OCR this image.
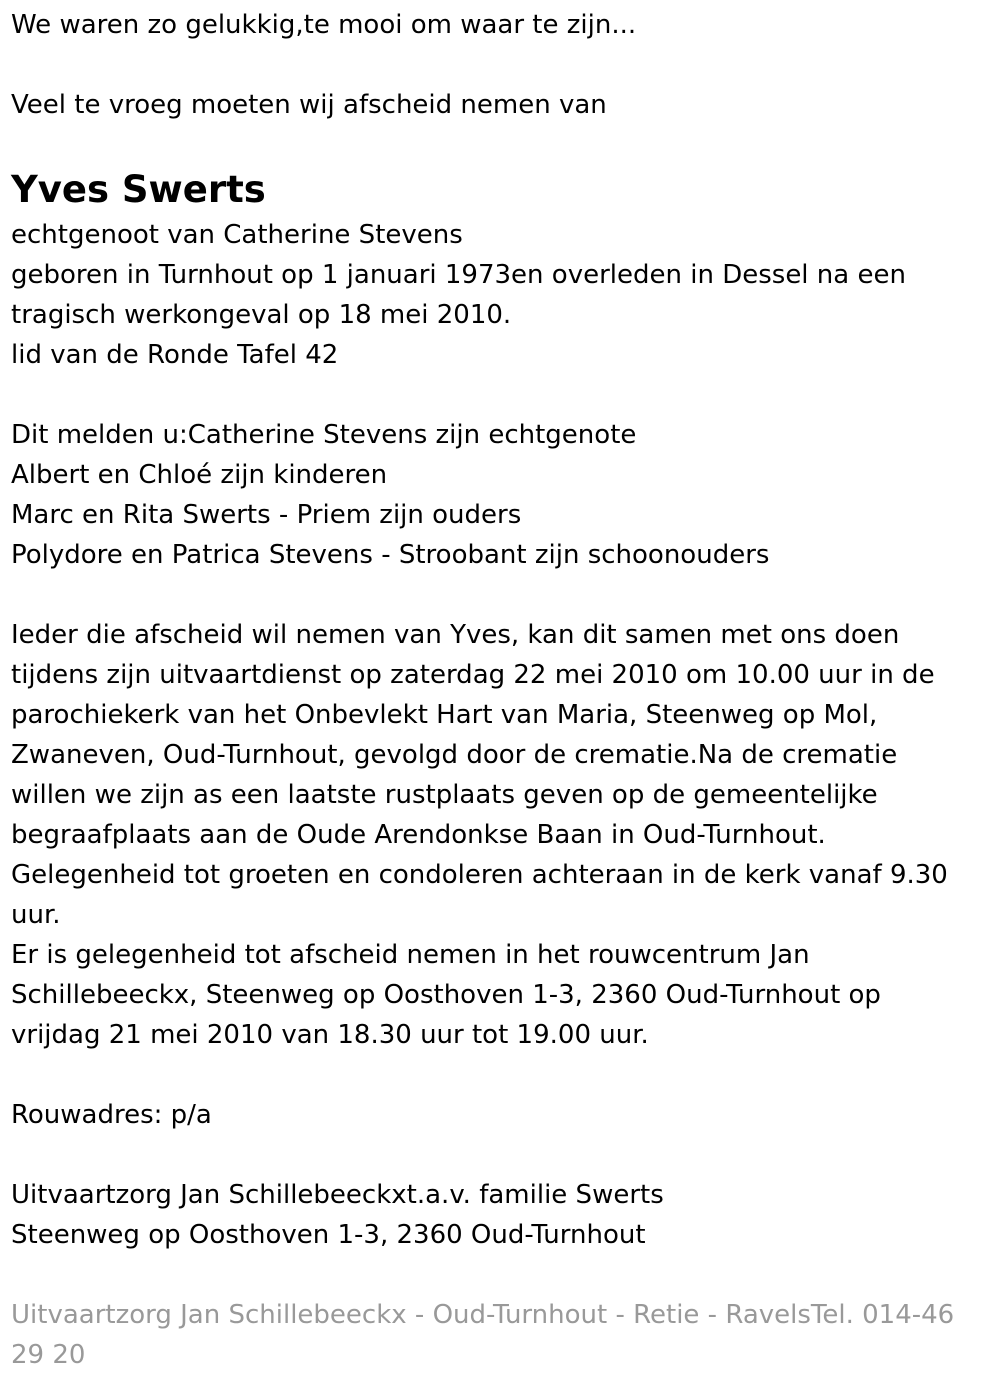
We waren zo gelukkig,te mooi om waar te zijn...
Veel te vroeg moeten wij afscheid nemen van
Yves Swerts
echtgenoot van Catherine Stevens
geboren in Turnhout op 1 januari 1973en overleden in Dessel na een
tragisch werkongeval op 18 mei 2010.
lid van de Ronde Tafel 42
Dit melden u:Catherine Stevens zijn echtgenote
Albert en Chloé zijn kinderen
Marc en Rita Swerts - Priem zijn ouders
Polydore en Patrica Stevens - Stroobant zijn schoonouders
Ieder die afscheid wil nemen van Yves, kan dit samen met ons doen
tijdens zijn uitvaartdienst op zaterdag 22 mei 2010 om 10.00 uur in de
parochiekerk van het Onbevlekt Hart van Maria, Steenweg op Mol,
Zwaneven, Oud-Turnhout, gevolgd door de crematie.Na de crematie
willen we zijn as een laatste rustplaats geven op de gemeentelijke
begraafplaats aan de Oude Arendonkse Baan in Oud-Turnhout.
Gelegenheid tot groeten en condoleren achteraan in de kerk vanaf 9.30
uur.
Er is gelegenheid tot afscheid nemen in het rouwcentrum Jan
Schillebeeckx, Steenweg op Oosthoven 1-3, 2360 Oud-Turnhout op
vrijdag 21 mei 2010 van 18.30 uur tot 19.00 uur.
Rouwadres: p/a
Uitvaartzorg Jan Schillebeeckxt.a.v. familie Swerts
Steenweg op Oosthoven 1-3, 2360 Oud-Turnhout
Uitvaartzorg Jan Schillebeeckx - Oud-Turnhout - Retie - RavelsTel. 014-46
29 20
